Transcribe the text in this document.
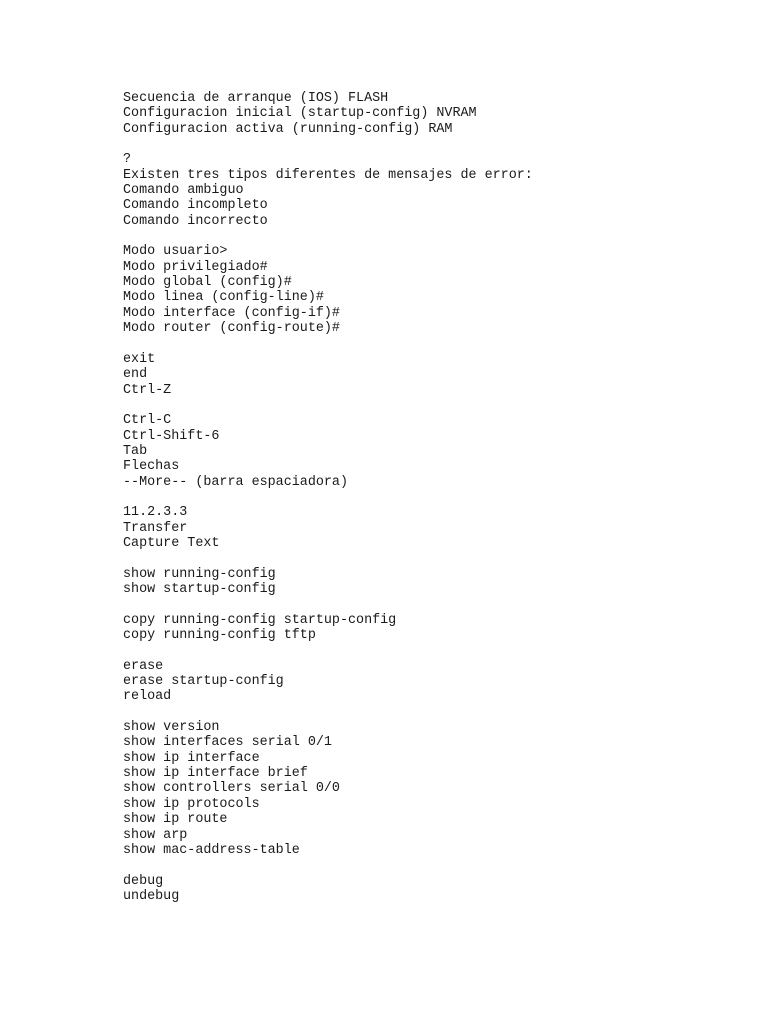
Secuencia de arranque (IOS) FLASH
Configuracion inicial (startup-config) NVRAM
Configuracion activa (running-config) RAM
?
Existen tres tipos diferentes de mensajes de error:
Comando ambiguo
Comando incompleto
Comando incorrecto
Modo usuario>
Modo privilegiado#
Modo global (config)#
Modo linea (config-line)#
Modo interface (config-if)#
Modo router (config-route)#
exit
end
Ctrl-Z
Ctrl-C
Ctrl-Shift-6
Tab
Flechas
--More-- (barra espaciadora)
11.2.3.3
Transfer
Capture Text
show running-config
show startup-config
copy running-config startup-config
copy running-config tftp
erase
erase startup-config
reload
show version
show interfaces serial 0/1
show ip interface
show ip interface brief
show controllers serial 0/0
show ip protocols
show ip route
show arp
show mac-address-table
debug
undebug
